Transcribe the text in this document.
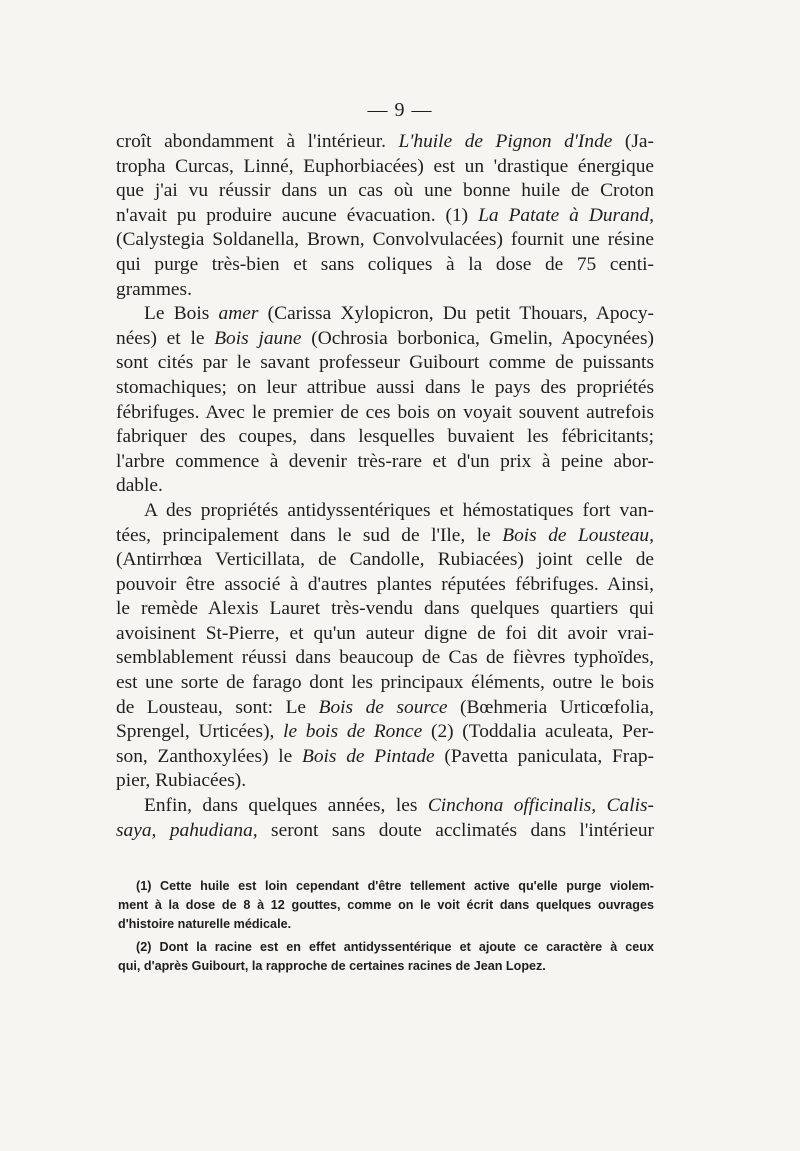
— 9 —
croît abondamment à l'intérieur. L'huile de Pignon d'Inde (Ja-
tropha Curcas, Linné, Euphorbiacées) est un 'drastique énergique
que j'ai vu réussir dans un cas où une bonne huile de Croton
n'avait pu produire aucune évacuation. (1) La Patate à Durand,
(Calystegia Soldanella, Brown, Convolvulacées) fournit une résine
qui purge très-bien et sans coliques à la dose de 75 centi-
grammes.
Le Bois amer (Carissa Xylopicron, Du petit Thouars, Apocy-
nées) et le Bois jaune (Ochrosia borbonica, Gmelin, Apocynées)
sont cités par le savant professeur Guibourt comme de puissants
stomachiques; on leur attribue aussi dans le pays des propriétés
fébrifuges. Avec le premier de ces bois on voyait souvent autrefois
fabriquer des coupes, dans lesquelles buvaient les fébricitants;
l'arbre commence à devenir très-rare et d'un prix à peine abor-
dable.
A des propriétés antidyssentériques et hémostatiques fort van-
tées, principalement dans le sud de l'Ile, le Bois de Lousteau,
(Antirrhœa Verticillata, de Candolle, Rubiacées) joint celle de
pouvoir être associé à d'autres plantes réputées fébrifuges. Ainsi,
le remède Alexis Lauret très-vendu dans quelques quartiers qui
avoisinent St-Pierre, et qu'un auteur digne de foi dit avoir vrai-
semblablement réussi dans beaucoup de Cas de fièvres typhoïdes,
est une sorte de farago dont les principaux éléments, outre le bois
de Lousteau, sont: Le Bois de source (Bœhmeria Urticœfolia,
Sprengel, Urticées), le bois de Ronce (2) (Toddalia aculeata, Per-
son, Zanthoxylées) le Bois de Pintade (Pavetta paniculata, Frap-
pier, Rubiacées).
Enfin, dans quelques années, les Cinchona officinalis, Calis-
saya, pahudiana, seront sans doute acclimatés dans l'intérieur
(1) Cette huile est loin cependant d'être tellement active qu'elle purge violem-
ment à la dose de 8 à 12 gouttes, comme on le voit écrit dans quelques ouvrages
d'histoire naturelle médicale.
(2) Dont la racine est en effet antidyssentérique et ajoute ce caractère à ceux
qui, d'après Guibourt, la rapproche de certaines racines de Jean Lopez.
